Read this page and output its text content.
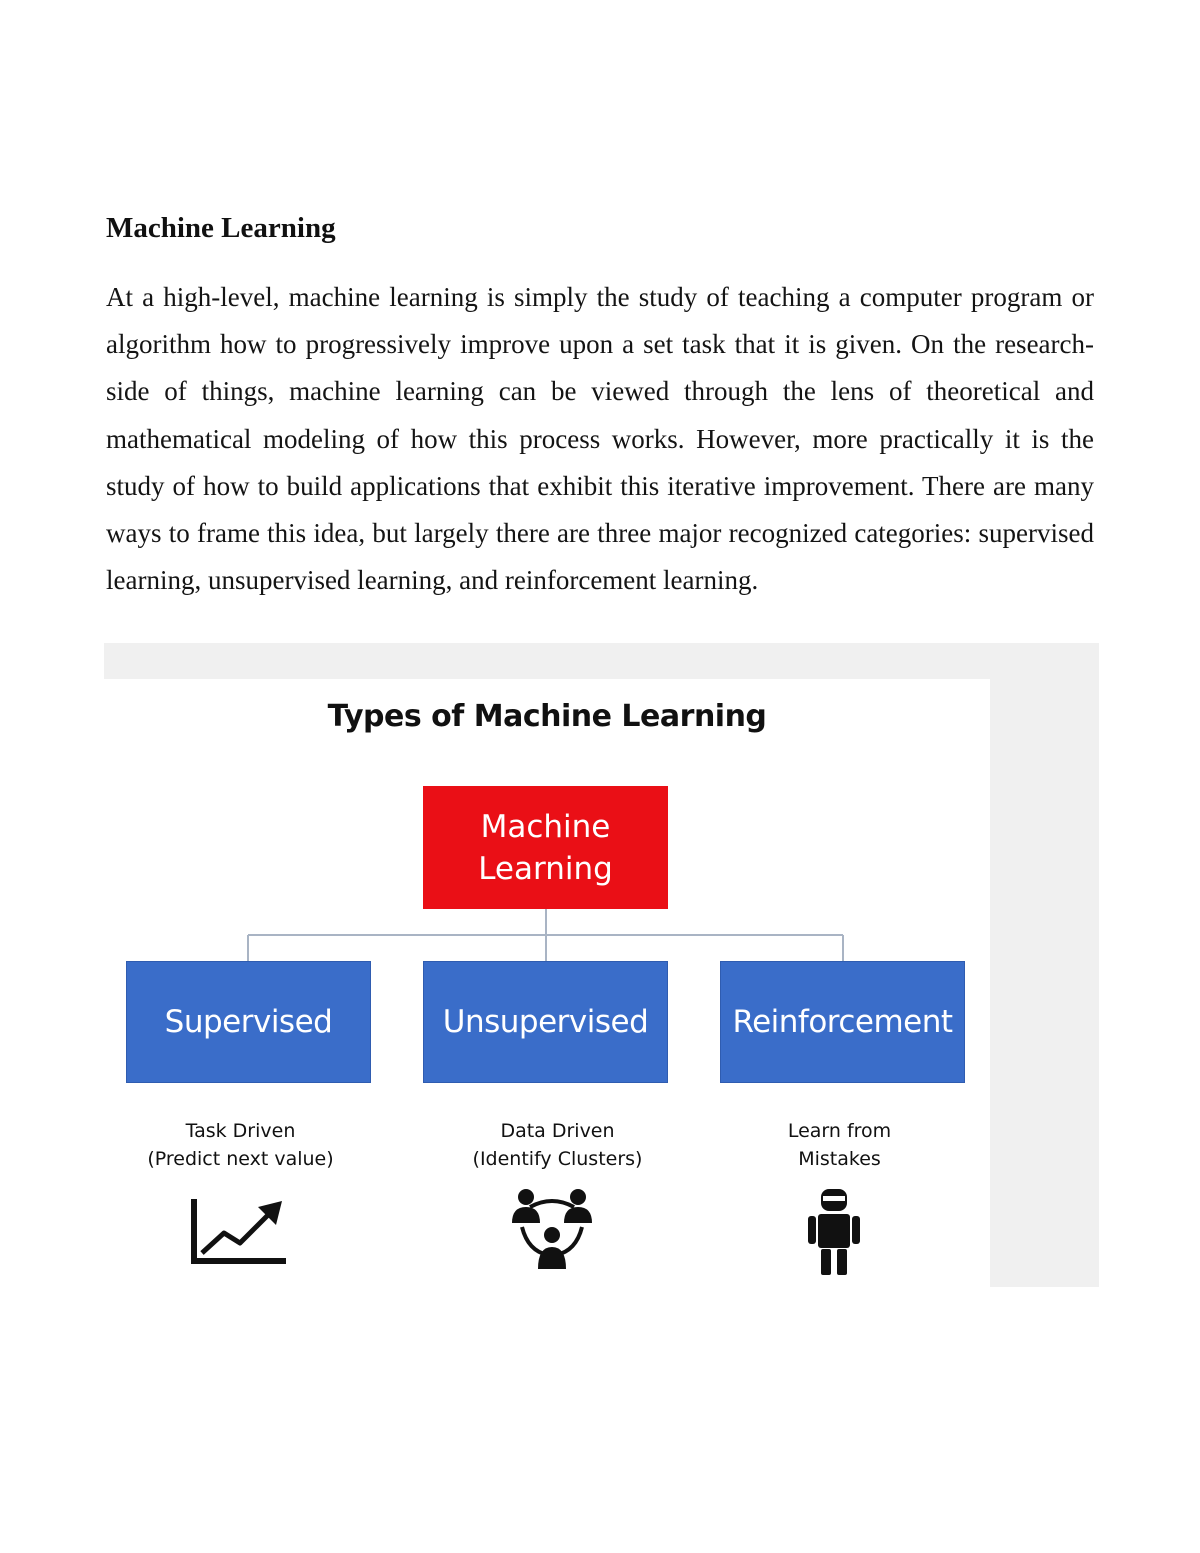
Machine Learning

At a high-level, machine learning is simply the study of teaching a computer program or algorithm how to progressively improve upon a set task that it is given. On the research-side of things, machine learning can be viewed through the lens of theoretical and mathematical modeling of how this process works. However, more practically it is the study of how to build applications that exhibit this iterative improvement. There are many ways to frame this idea, but largely there are three major recognized categories: supervised learning, unsupervised learning, and reinforcement learning.

Types of Machine Learning
Machine
Learning
Supervised	Unsupervised	Reinforcement
Task Driven
(Predict next value)
Data Driven
(Identify Clusters)
Learn from
Mistakes
